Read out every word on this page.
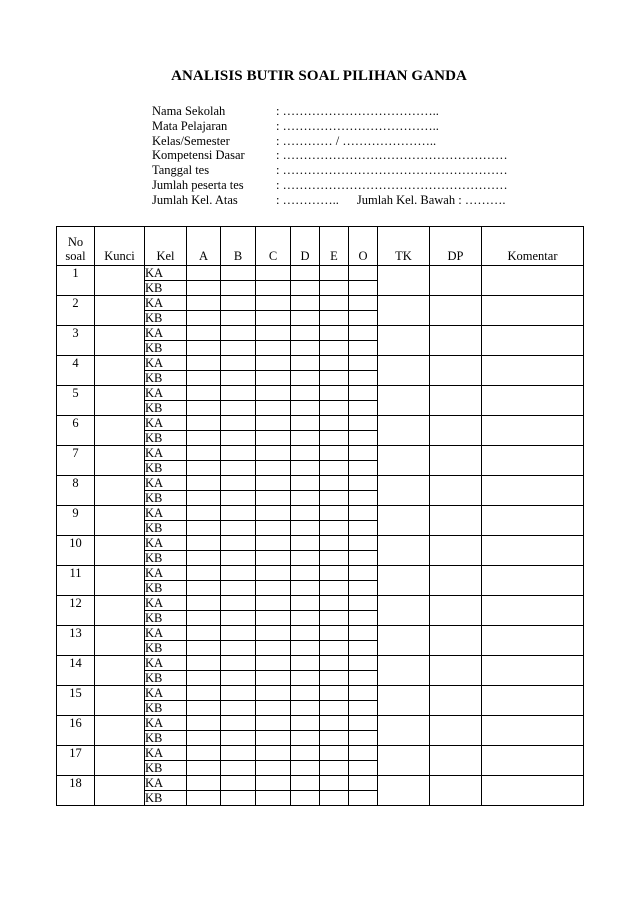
ANALISIS BUTIR SOAL PILIHAN GANDA
Nama Sekolah	: ………………………………..
Mata Pelajaran	: ………………………………..
Kelas/Semester	: ………… / …………………..
Kompetensi Dasar	: ………………………………………………
Tanggal tes	: ………………………………………………
Jumlah peserta tes	: ………………………………………………
Jumlah Kel. Atas	: ………….. Jumlah Kel. Bawah : ……….
No
soal	Kunci	Kel	A	B	C	D	E	O	TK	DP	Komentar
1		KA									
		KB									
2		KA									
		KB									
3		KA									
		KB									
4		KA									
		KB									
5		KA									
		KB									
6		KA									
		KB									
7		KA									
		KB									
8		KA									
		KB									
9		KA									
		KB									
10		KA									
		KB									
11		KA									
		KB									
12		KA									
		KB									
13		KA									
		KB									
14		KA									
		KB									
15		KA									
		KB									
16		KA									
		KB									
17		KA									
		KB									
18		KA									
		KB									
